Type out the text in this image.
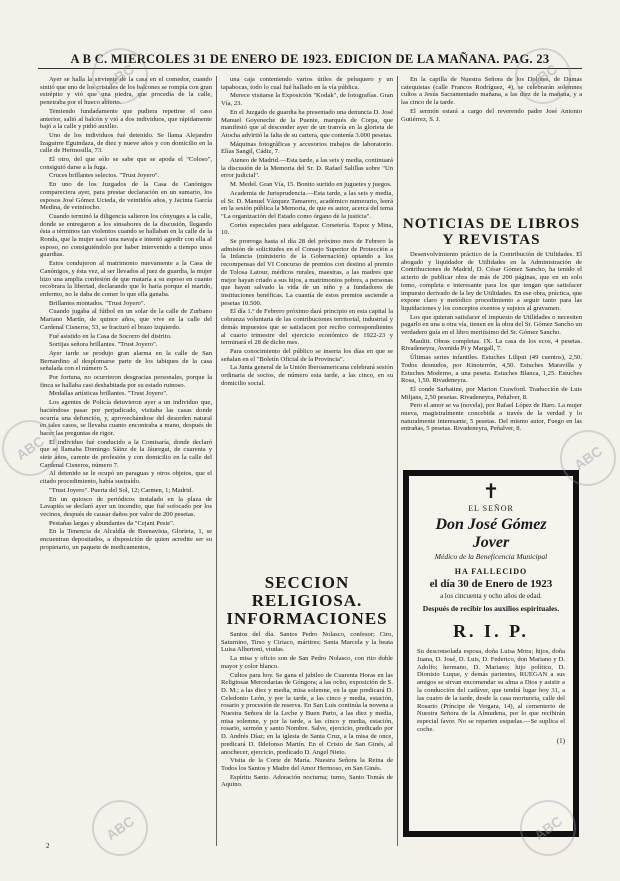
A B C. MIERCOLES 31 DE ENERO DE 1923. EDICION DE LA MAÑANA. PAG. 23

Ayer se halla la sirviente de la casa en el comedor, cuando sintió que uno de los cristales de los balcones se rompía con gran estrépito y vió que una piedra, que procedía de la calle, penetraba por el hueco abierto.

Temiendo fundadamente que pudiera repetirse el caso anterior, salió al balcón y vió a dos individuos, que rápidamente bajó a la calle y pidió auxilio.

Uno de los individuos fué detenido. Se llama Alejandro Izaguirre Eguindaza, de diez y nueve años y con domicilio en la calle de Hermosilla, 73.

El otro, del que sólo se sabe que se apoda el "Coloso", consiguió darse a la fuga.

Cruces brillantes selectos. "Trust Joyero".

En uno de los Juzgados de la Casa de Canónigos compareciera ayer, para prestar declaración en un sumario, los esposos José Gómez Ucieda, de veintidós años, y Jacinta García Medina, de veintiocho.

Cuando terminó la diligencia salieron los cónyuges a la calle, donde se entregaron a los sinsabores de la discusión, llegando ésta a términos tan violentos cuando se hallaban en la calle de la Ronda, que la mujer sacó una navaja e intentó agredir con ella al esposo, no consiguiéndolo por haber intervenido a tiempo unos guardias.

Estos condujeron al matrimonio nuevamente a la Casa de Canónigos, y ésta vez, al ser llevados al juez de guardia, la mujer hizo una amplia confesión de que mataría a su esposo en cuanto recobrara la libertad, declarando que lo haría porque el marido, enfermo, no le daba de comer lo que ella ganaba.

Brillantes montados. "Trust Joyero".

Cuando jugaba al fútbol en un solar de la calle de Zurbano Mariano Martín, de quince años, que vive en la calle del Cardenal Cisneros, 53, se fracturó el brazo izquierdo.

Fué asistido en la Casa de Socorro del distrito.

Sortijas señora brillantes. "Trust Joyero".

Ayer tarde se produjo gran alarma en la calle de San Bernardino al desplomarse parte de los tabiques de la casa señalada con el número 5.

Por fortuna, no ocurrieron desgracias personales, porque la finca se hallaba casi deshabitada por su estado ruinoso.

Medallas artísticas brillantes. "Trust Joyero".

Los agentes de Policía detuvieron ayer a un individuo que, haciéndose pasar por perjudicado, visitaba las casas donde ocurría una defunción, y, aprovechándose del desorden natural en tales casos, se llevaba cuanto encontraba a mano, después de hacer las preguntas de rigor.

El individuo fué conducido a la Comisaría, donde declaró que se llamaba Domingo Sáinz de la Jáuregui, de cuarenta y siete años, carente de profesión y con domicilio en la calle del Cardenal Cisneros, número 7.

Al detenido se le ocupó un paraguas y otros objetos, que el citado procedimiento, había sustraído.

"Trust Joyero". Puerta del Sol, 12; Carmen, 1; Madrid.

En un quiosco de periódicos instalado en la plaza de Lavapiés se declaró ayer un incendio, que fué sofocado por los vecinos, después de causar daños por valor de 200 pesetas.

Pestañas largas y abundantes da "Cejani Pesie".

En la Tenencia de Alcaldía de Buenavista, Glorieta, 1, se encuentran depositados, a disposición de quien acredite ser su propietario, un paquete de medicamentos,

una caja conteniendo varios útiles de peluquero y un tapabocas, todo lo cual fué hallado en la vía pública.

Merece visitarse la Exposición "Kodak", de fotografías. Gran Vía, 23.

En el Juzgado de guardia ha presentado una denuncia D. José Manuel Goyeneche de la Puente, marqués de Corpa, que manifestó que al descender ayer de un tranvía en la glorieta de Atocha advirtió la falta de su cartera, que contenía 3.000 pesetas.

Máquinas fotográficas y accesorios trabajos de laboratorio. Elías Sangil, Cádiz, 7.

Ateneo de Madrid.—Esta tarde, a las seis y media, continuará la discusión de la Memoria del Sr. D. Rafael Salillas sobre "Un error judicial".

M. Medel. Gran Vía, 15. Bonito surtido en juguetes y juegos.

Academia de Jurisprudencia.—Esta tarde, a las seis y media, el Sr. D. Manuel Vázquez Tamarero, académico numerario, leerá en la sesión pública la Memoria, de que es autor, acerca del tema "La organización del Estado como órgano de la justicia".

Cortes especiales para adelgazar. Corsetería. Espoz y Mina, 10.

Se prorroga hasta el día 28 del próximo mes de Febrero la admisión de solicitudes en el Consejo Superior de Protección a la Infancia (ministerio de la Gobernación) optando a los recompensas del VI Concurso de premios con destino al premio de Tolosa Latour, médicos rurales, maestras, a las madres que mejor hayan criado a sus hijos, a matrimonios pobres, a personas que hayan salvado la vida de un niño y a fundadores de instituciones benéficas. La cuantía de estos premios asciende a pesetas 10.500.

El día 1.º de Febrero próximo dará principio en esta capital la cobranza voluntaria de las contribuciones territorial, industrial y demás impuestos que se satisfacen por recibo correspondientes al cuarto trimestre del ejercicio económico de 1922-23 y terminará el 28 de dicho mes.

Para conocimiento del público se inserta los días en que se señalan en el "Boletín Oficial de la Provincia".

La Junta general de la Unión Iberoamericana celebrará sesión ordinaria de socios, de número esta tarde, a las cinco, en su domicilio social.

SECCION RELIGIOSA. INFORMACIONES

Santos del día. Santos Pedro Nolasco, confesor; Ciro, Saturnino, Tirso y Ciriaco, mártires; Santa Marcela y la beata Luisa Albertoni, viudas.

La misa y oficio son de San Pedro Nolasco, con rito doble mayor y color blanco.

Cultos para hoy. Se gana el jubileo de Cuarenta Horas en las Religiosas Mercedarias de Góngora; a las ocho, exposición de S. D. M.; a las diez y media, misa solemne, en la que predicará D. Celedonio León, y por la tarde, a las cinco y media, estación, rosario y procesión de reserva. En San Luis continúa la novena a Nuestra Señora de la Leche y Buen Parto, a las diez y media, misa solemne, y por la tarde, a las cinco y media, estación, rosario, sermón y santo Nombre. Salve, ejercicio, predicado por D. Andrés Díaz; en la iglesia de Santa Cruz, a la misa de once, predicará D. Ildefonso Martín. En el Cristo de San Ginés, al anochecer, ejercicio, predicado D. Angel Nieto.

Visita de la Corte de María. Nuestra Señora la Reina de Todos los Santos y Madre del Amor Hermoso, en San Ginés.

Espíritu Santo. Adoración nocturna; turno, Santo Tomás de Aquino.

En la capilla de Nuestra Señora de los Dolores, de Damas catequistas (calle Francos Rodríguez, 4), se celebrarán solemnes cultos a Jesús Sacramentado mañana, a las diez de la mañana, y a las cinco de la tarde.

El sermón estará a cargo del reverendo padre José Antonio Gutiérrez, S. J.

NOTICIAS DE LIBROS Y REVISTAS

Desenvolvimiento práctico de la Contribución de Utilidades. El abogado y liquidador de Utilidades en la Administración de Contribuciones de Madrid, D. César Gómez Sancho, ha tenido el acierto de publicar obra de más de 200 páginas, que en un solo tomo, completa e interesante para los que tengan que satisfacer impuesto derivado de la ley de Utilidades. En ese obra, práctica, que expone claro y metódico procedimiento a seguir tanto para las liquidaciones y los conceptos exentos y sujetos al gravamen.

Los que quieran satisfacer el impuesto de Utilidades o necesiten pagarlo en una u otra vía, tienen en la obra del Sr. Gómez Sancho un verdadero guía en el libro meritísimo del Sr. Gómez Sancho.

Maulitt. Obras completas. IX. La casa de los ecos, 4 pesetas. Rivadeneyra, Avenida Pi y Margall, 7.

Últimas series infantiles. Estuches Liliput (49 cuentos), 2,50. Todos desnudos, por Kinoterrón, 4,50. Estuches Maravilla y Estuches Moderno, a una peseta. Estuches Blanca, 1,25. Estuches Rosa, 1,50. Rivadeneyra.

El conde Sarhatine, por Marion Crawford. Traducción de Luis Miljans, 2,50 pesetas. Rivadeneyra, Peñalver, 8.

Pero el amor se va (novela), por Rafael López de Haro. La mujer nueva, magistralmente concebida a través de la verdad y lo naturalmente interesante, 5 pesetas. Del mismo autor, Fuego en las entrañas, 5 pesetas. Rivadeneyra, Peñalver, 8.

✝
EL SEÑOR
Don José Gómez Jover
Médico de la Beneficencia Municipal
HA FALLECIDO
el día 30 de Enero de 1923
a los cincuenta y ocho años de edad.
Después de recibir los auxilios espirituales.
R. I. P.
Su desconsolada esposa, doña Luisa Mora; hijos, doña Juana, D. José, D. Luis, D. Federico, don Mariano y D. Adolfo; hermano, D. Mariano; hijo político, D. Dionisio Luque, y demás parientes, RUEGAN a sus amigos se sirvan encomendar su alma a Dios y asistir a la conducción del cadáver, que tendrá lugar hoy 31, a las cuatro de la tarde, desde la casa mortuoria, calle del Rosario (Príncipe de Vergara, 14), al cementerio de Nuestra Señora de la Almudena, por lo que recibirán especial favor. No se reparten esquelas.—Se suplica el coche.
(1)
ABC	ABC
ABC	ABC
ABC	ABC
2
